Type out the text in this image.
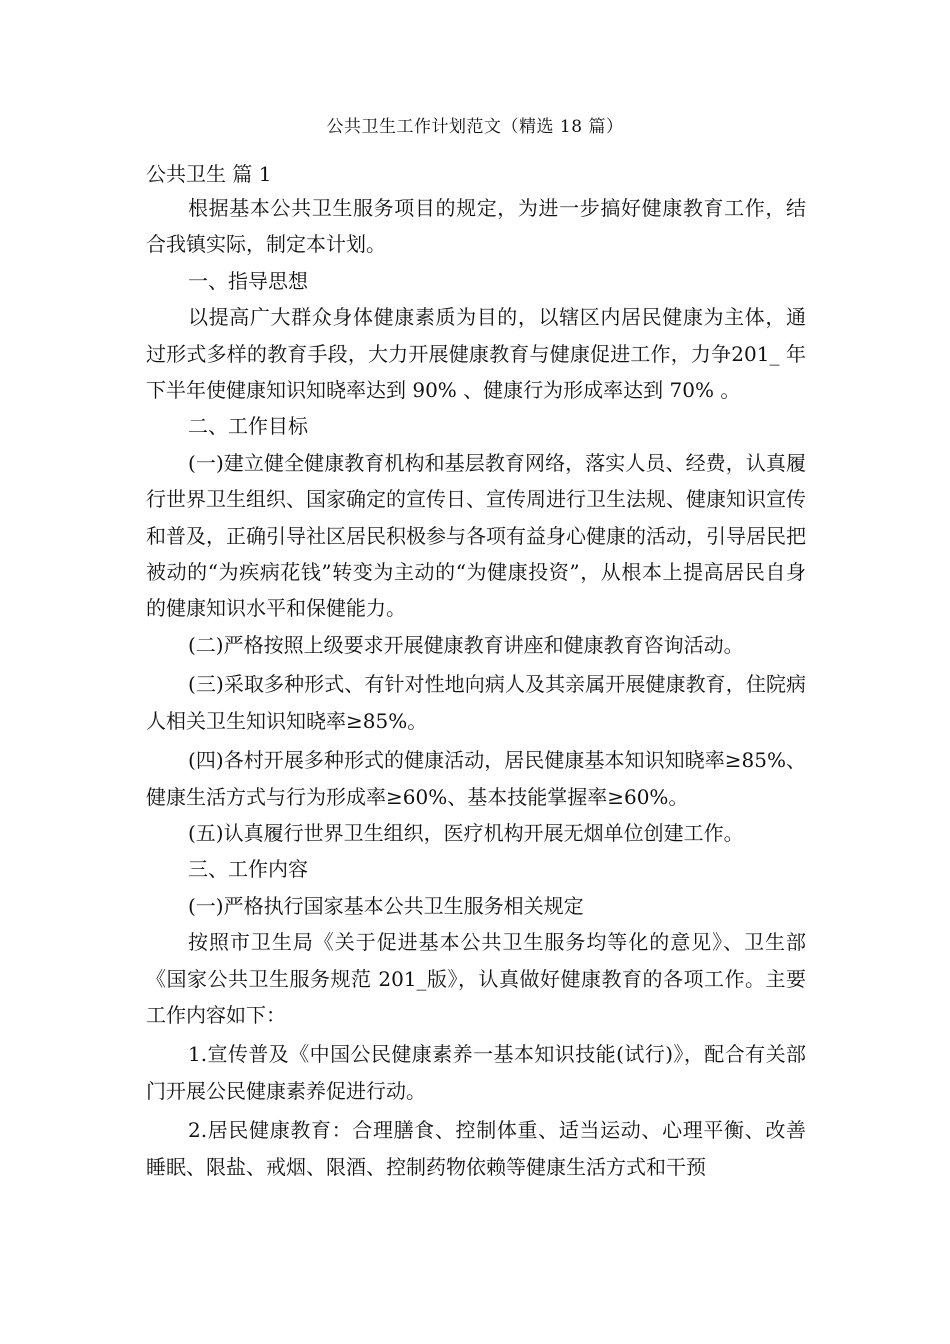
公共卫生工作计划范文（精选 18 篇）
公共卫生 篇 1

根据基本公共卫生服务项目的规定，为进一步搞好健康教育工作，结合我镇实际，制定本计划。

一、指导思想

以提高广大群众身体健康素质为目的，以辖区内居民健康为主体，通过形式多样的教育手段，大力开展健康教育与健康促进工作，力争201_ 年下半年使健康知识知晓率达到 90% 、健康行为形成率达到 70% 。

二、工作目标

(一)建立健全健康教育机构和基层教育网络，落实人员、经费，认真履行世界卫生组织、国家确定的宣传日、宣传周进行卫生法规、健康知识宣传和普及，正确引导社区居民积极参与各项有益身心健康的活动，引导居民把被动的“为疾病花钱”转变为主动的“为健康投资”，从根本上提高居民自身的健康知识水平和保健能力。

(二)严格按照上级要求开展健康教育讲座和健康教育咨询活动。

(三)采取多种形式、有针对性地向病人及其亲属开展健康教育，住院病人相关卫生知识知晓率≥85%。

(四)各村开展多种形式的健康活动，居民健康基本知识知晓率≥85%、健康生活方式与行为形成率≥60%、基本技能掌握率≥60%。

(五)认真履行世界卫生组织，医疗机构开展无烟单位创建工作。

三、工作内容

(一)严格执行国家基本公共卫生服务相关规定

按照市卫生局《关于促进基本公共卫生服务均等化的意见》、卫生部《国家公共卫生服务规范 201_版》，认真做好健康教育的各项工作。主要工作内容如下：

1.宣传普及《中国公民健康素养一基本知识技能(试行)》，配合有关部门开展公民健康素养促进行动。

2.居民健康教育：合理膳食、控制体重、适当运动、心理平衡、改善睡眠、限盐、戒烟、限酒、控制药物依赖等健康生活方式和干预
